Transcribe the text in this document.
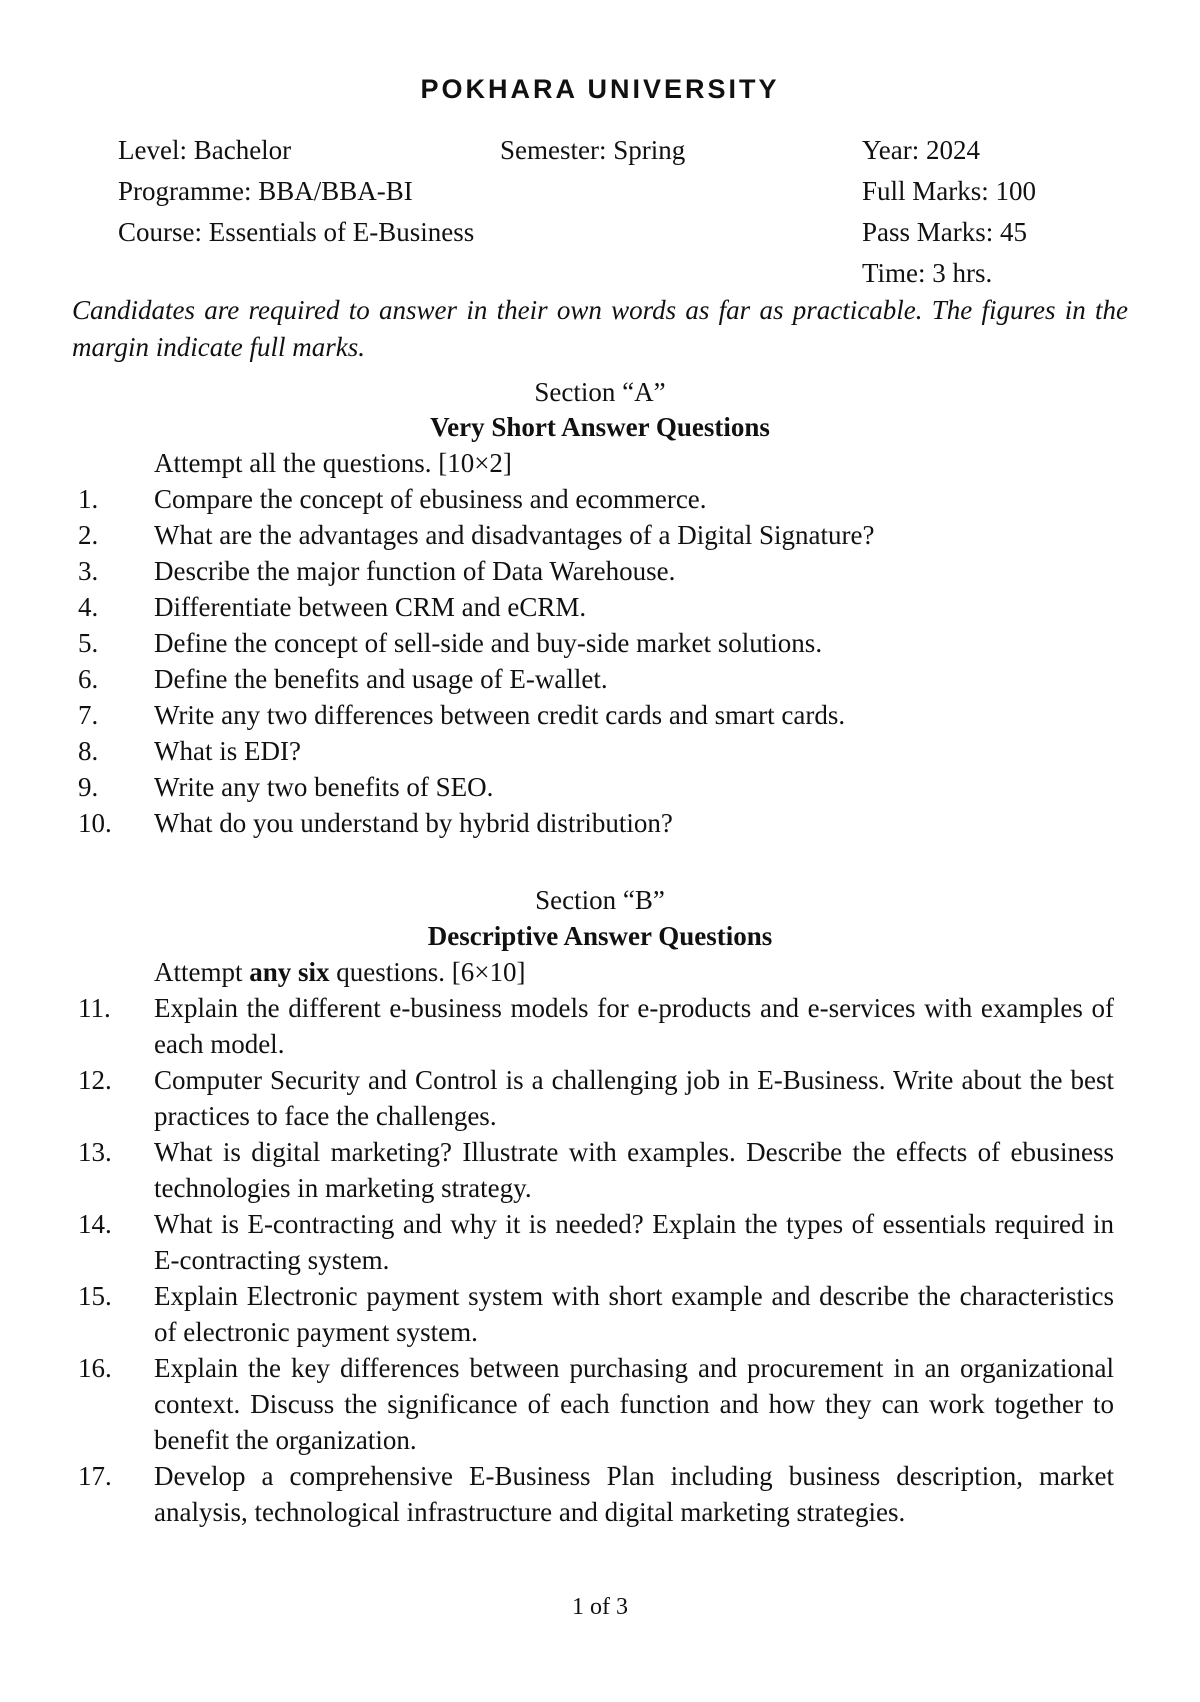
POKHARA UNIVERSITY
Level: Bachelor
Programme: BBA/BBA-BI
Course: Essentials of E-Business
Semester: Spring	Year: 2024
Full Marks: 100
Pass Marks: 45
Time: 3 hrs.
Candidates are required to answer in their own words as far as practicable. The figures in the margin indicate full marks.
Section “A”
Very Short Answer Questions
Attempt all the questions. [10×2]
1. Compare the concept of ebusiness and ecommerce.
2. What are the advantages and disadvantages of a Digital Signature?
3. Describe the major function of Data Warehouse.
4. Differentiate between CRM and eCRM.
5. Define the concept of sell-side and buy-side market solutions.
6. Define the benefits and usage of E-wallet.
7. Write any two differences between credit cards and smart cards.
8. What is EDI?
9. Write any two benefits of SEO.
10. What do you understand by hybrid distribution?
Section “B”
Descriptive Answer Questions
Attempt any six questions. [6×10]
11. Explain the different e-business models for e-products and e-services with examples of each model.
12. Computer Security and Control is a challenging job in E-Business. Write about the best practices to face the challenges.
13. What is digital marketing? Illustrate with examples. Describe the effects of ebusiness technologies in marketing strategy.
14. What is E-contracting and why it is needed? Explain the types of essentials required in E-contracting system.
15. Explain Electronic payment system with short example and describe the characteristics of electronic payment system.
16. Explain the key differences between purchasing and procurement in an organizational context. Discuss the significance of each function and how they can work together to benefit the organization.
17. Develop a comprehensive E-Business Plan including business description, market analysis, technological infrastructure and digital marketing strategies.
1 of 3
